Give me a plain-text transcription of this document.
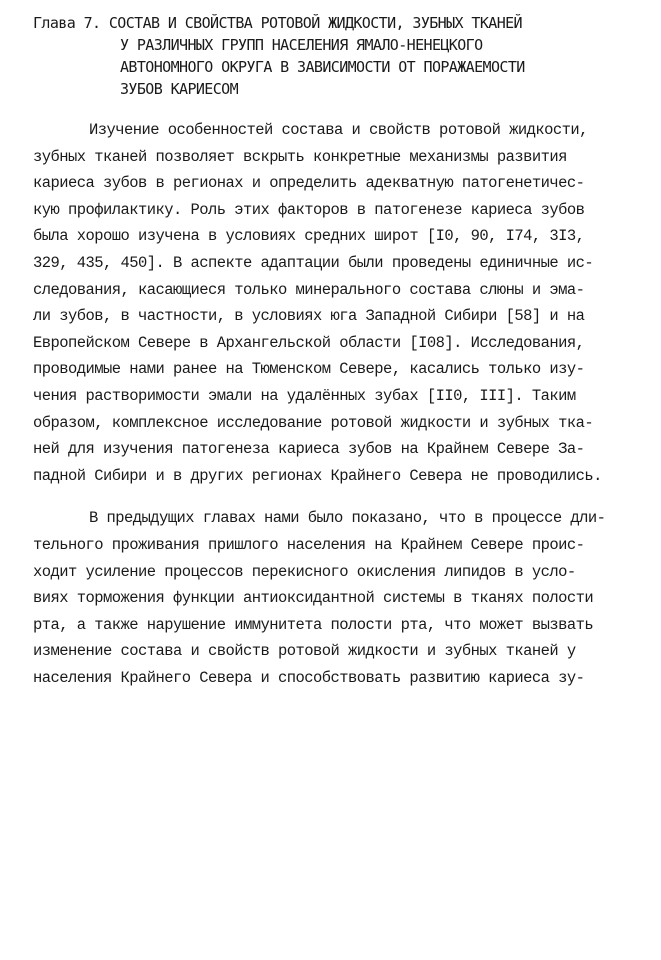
Глава 7. СОСТАВ И СВОЙСТВА РОТОВОЙ ЖИДКОСТИ, ЗУБНЫХ ТКАНЕЙ
У РАЗЛИЧНЫХ ГРУПП НАСЕЛЕНИЯ ЯМАЛО-НЕНЕЦКОГО
АВТОНОМНОГО ОКРУГА В ЗАВИСИМОСТИ ОТ ПОРАЖАЕМОСТИ
ЗУБОВ КАРИЕСОМ
Изучение особенностей состава и свойств ротовой жидкости,
зубных тканей позволяет вскрыть конкретные механизмы развития
кариеса зубов в регионах и определить адекватную патогенетичес-
кую профилактику. Роль этих факторов в патогенезе кариеса зубов
была хорошо изучена в условиях средних широт [I0, 90, I74, 3I3,
329, 435, 450]. В аспекте адаптации были проведены единичные ис-
следования, касающиеся только минерального состава слюны и эма-
ли зубов, в частности, в условиях юга Западной Сибири [58] и на
Европейском Севере в Архангельской области [I08]. Исследования,
проводимые нами ранее на Тюменском Севере, касались только изу-
чения растворимости эмали на удалённых зубах [II0, III]. Таким
образом, комплексное исследование ротовой жидкости и зубных тка-
ней для изучения патогенеза кариеса зубов на Крайнем Севере За-
падной Сибири и в других регионах Крайнего Севера не проводились.
В предыдущих главах нами было показано, что в процессе дли-
тельного проживания пришлого населения на Крайнем Севере проис-
ходит усиление процессов перекисного окисления липидов в усло-
виях торможения функции антиоксидантной системы в тканях полости
рта, а также нарушение иммунитета полости рта, что может вызвать
изменение состава и свойств ротовой жидкости и зубных тканей у
населения Крайнего Севера и способствовать развитию кариеса зу-
